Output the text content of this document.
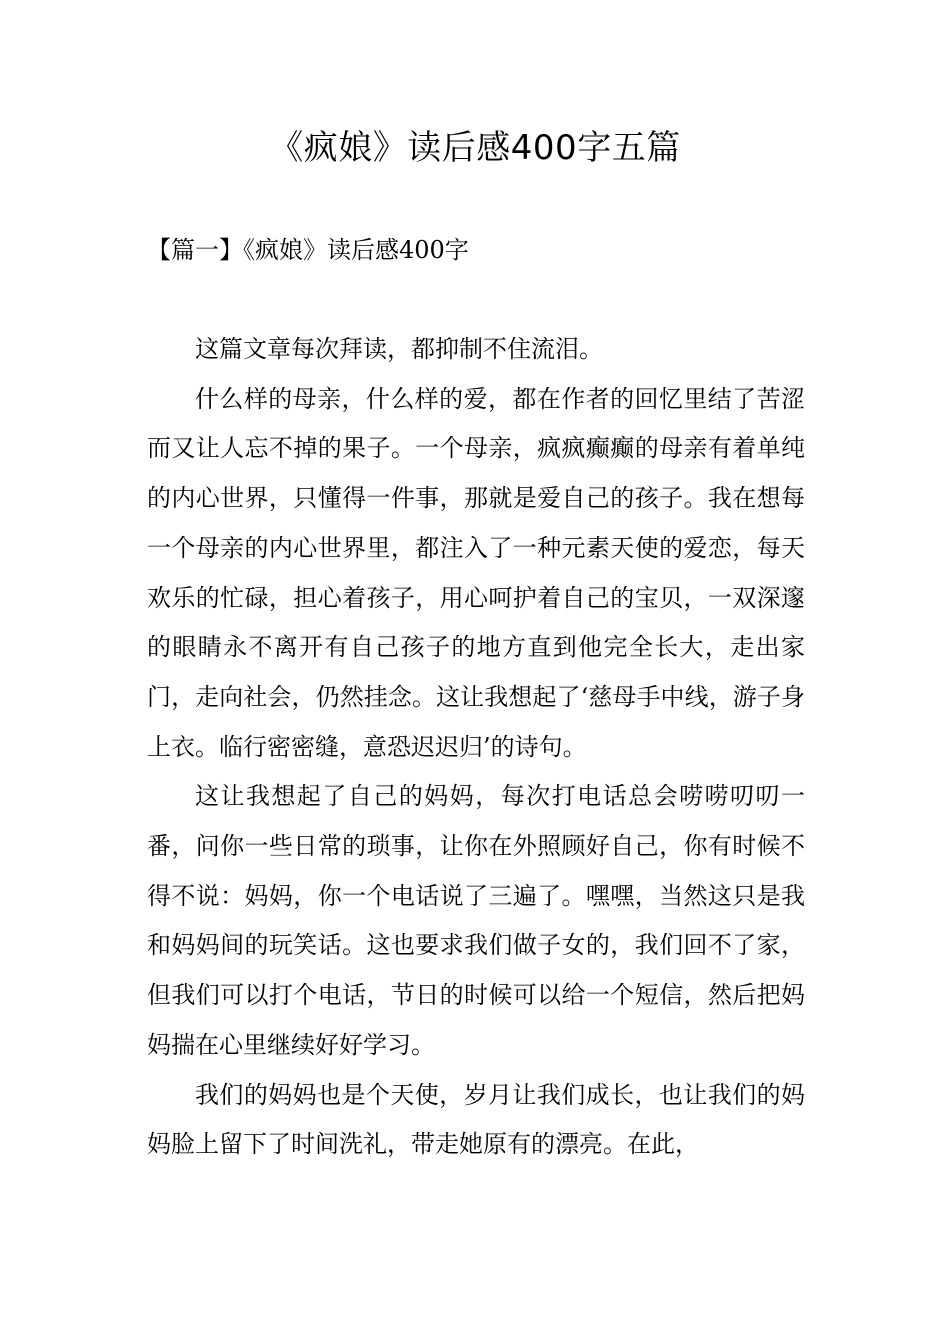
《疯娘》读后感400字五篇
【篇一】《疯娘》读后感400字

这篇文章每次拜读，都抑制不住流泪。

什么样的母亲，什么样的爱，都在作者的回忆里结了苦涩而又让人忘不掉的果子。一个母亲，疯疯癫癫的母亲有着单纯的内心世界，只懂得一件事，那就是爱自己的孩子。我在想每一个母亲的内心世界里，都注入了一种元素天使的爱恋，每天欢乐的忙碌，担心着孩子，用心呵护着自己的宝贝，一双深邃的眼睛永不离开有自己孩子的地方直到他完全长大，走出家门，走向社会，仍然挂念。这让我想起了‘慈母手中线，游子身上衣。临行密密缝，意恐迟迟归’的诗句。

这让我想起了自己的妈妈，每次打电话总会唠唠叨叨一番，问你一些日常的琐事，让你在外照顾好自己，你有时候不得不说：妈妈，你一个电话说了三遍了。嘿嘿，当然这只是我和妈妈间的玩笑话。这也要求我们做子女的，我们回不了家，但我们可以打个电话，节日的时候可以给一个短信，然后把妈妈揣在心里继续好好学习。

我们的妈妈也是个天使，岁月让我们成长，也让我们的妈妈脸上留下了时间洗礼，带走她原有的漂亮。在此，
